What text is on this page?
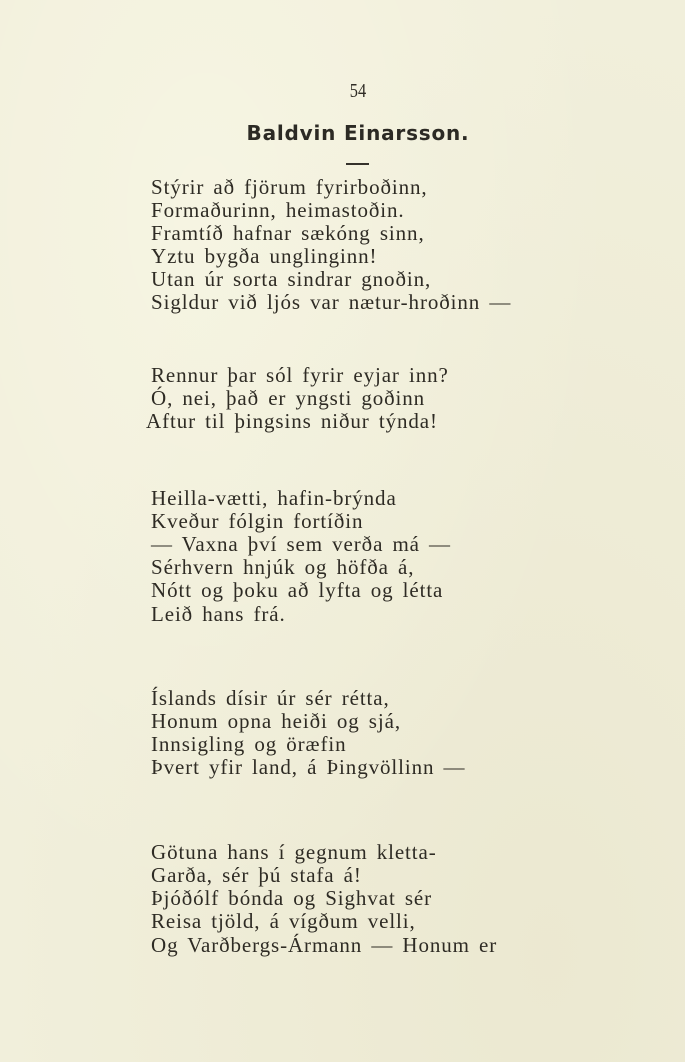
54
Baldvin Einarsson.
Stýrir að fjörum fyrirboðinn,
Formaðurinn, heimastoðin.
Framtíð hafnar sækóng sinn,
Yztu bygða unglinginn!
Utan úr sorta sindrar gnoðin,
Sigldur við ljós var nætur-hroðinn —
Rennur þar sól fyrir eyjar inn?
Ó, nei, það er yngsti goðinn
Aftur til þingsins niður týnda!
Heilla-vætti, hafin-brýnda
Kveður fólgin fortíðin
— Vaxna því sem verða má —
Sérhvern hnjúk og höfða á,
Nótt og þoku að lyfta og létta
Leið hans frá.
Íslands dísir úr sér rétta,
Honum opna heiði og sjá,
Innsigling og öræfin
Þvert yfir land, á Þingvöllinn —
Götuna hans í gegnum kletta-
Garða, sér þú stafa á!
Þjóðólf bónda og Sighvat sér
Reisa tjöld, á vígðum velli,
Og Varðbergs-Ármann — Honum er
